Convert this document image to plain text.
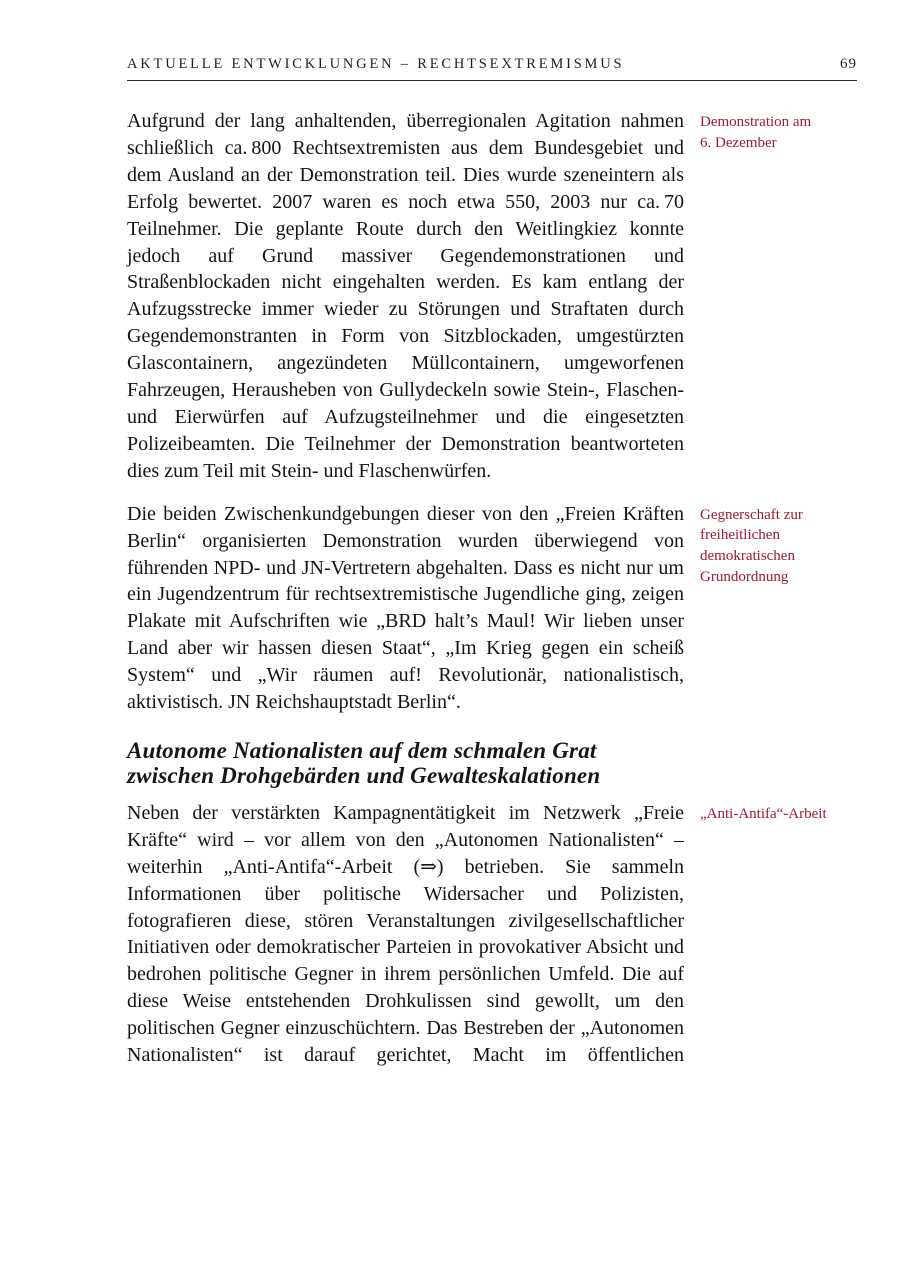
AKTUELLE ENTWICKLUNGEN – RECHTSEXTREMISMUS	69
Aufgrund der lang anhaltenden, überregionalen Agitation nahmen schließlich ca. 800 Rechtsextremisten aus dem Bundesgebiet und dem Ausland an der Demonstration teil. Dies wurde szeneintern als Erfolg bewertet. 2007 waren es noch etwa 550, 2003 nur ca. 70 Teilnehmer. Die geplante Route durch den Weitlingkiez konnte jedoch auf Grund massiver Gegendemonstrationen und Straßenblockaden nicht eingehalten werden. Es kam entlang der Aufzugsstrecke immer wieder zu Störungen und Straftaten durch Gegendemonstranten in Form von Sitzblockaden, umgestürzten Glascontainern, angezündeten Müllcontainern, umgeworfenen Fahrzeugen, Herausheben von Gullydeckeln sowie Stein-, Flaschen- und Eierwürfen auf Aufzugsteilnehmer und die eingesetzten Polizeibeamten. Die Teilnehmer der Demonstration beantworteten dies zum Teil mit Stein- und Flaschenwürfen.
Demonstration am
6. Dezember
Die beiden Zwischenkundgebungen dieser von den „Freien Kräften Berlin“ organisierten Demonstration wurden überwiegend von führenden NPD- und JN-Vertretern abgehalten. Dass es nicht nur um ein Jugendzentrum für rechtsextremistische Jugendliche ging, zeigen Plakate mit Aufschriften wie „BRD halt’s Maul! Wir lieben unser Land aber wir hassen diesen Staat“, „Im Krieg gegen ein scheiß System“ und „Wir räumen auf! Revolutionär, nationalistisch, aktivistisch. JN Reichshauptstadt Berlin“.
Gegnerschaft zur
freiheitlichen
demokratischen
Grundordnung
Autonome Nationalisten auf dem schmalen Grat
zwischen Drohgebärden und Gewalteskalationen
Neben der verstärkten Kampagnentätigkeit im Netzwerk „Freie Kräfte“ wird – vor allem von den „Autonomen Nationalisten“ – weiterhin „Anti-Antifa“-Arbeit (⇒) betrieben. Sie sammeln Informationen über politische Widersacher und Polizisten, fotografieren diese, stören Veranstaltungen zivilgesellschaftlicher Initiativen oder demokratischer Parteien in provokativer Absicht und bedrohen politische Gegner in ihrem persönlichen Umfeld. Die auf diese Weise entstehenden Drohkulissen sind gewollt, um den politischen Gegner einzuschüchtern. Das Bestreben der „Autonomen Nationalisten“ ist darauf gerichtet, Macht im öffentlichen
„Anti-Antifa“-Arbeit
